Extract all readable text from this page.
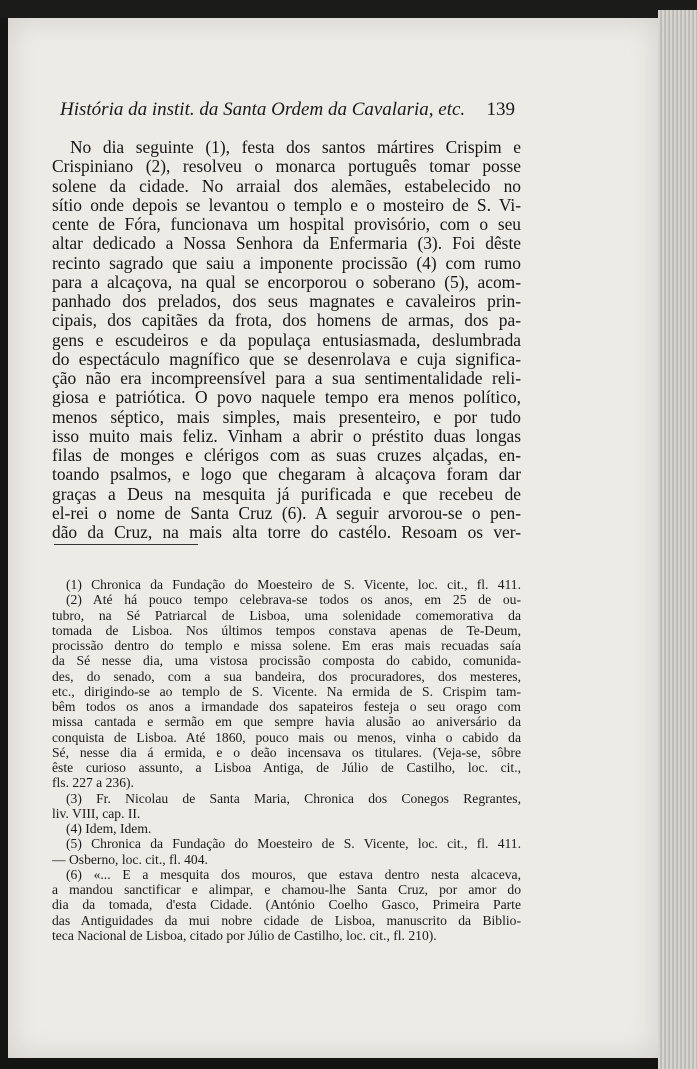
História da instit. da Santa Ordem da Cavalaria, etc. 139
No dia seguinte (1), festa dos santos mártires Crispim e
Crispiniano (2), resolveu o monarca português tomar posse
solene da cidade. No arraial dos alemães, estabelecido no
sítio onde depois se levantou o templo e o mosteiro de S. Vi-
cente de Fóra, funcionava um hospital provisório, com o seu
altar dedicado a Nossa Senhora da Enfermaria (3). Foi dêste
recinto sagrado que saiu a imponente procissão (4) com rumo
para a alcaçova, na qual se encorporou o soberano (5), acom-
panhado dos prelados, dos seus magnates e cavaleiros prin-
cipais, dos capitães da frota, dos homens de armas, dos pa-
gens e escudeiros e da populaça entusiasmada, deslumbrada
do espectáculo magnífico que se desenrolava e cuja significa-
ção não era incompreensível para a sua sentimentalidade reli-
giosa e patriótica. O povo naquele tempo era menos político,
menos séptico, mais simples, mais presenteiro, e por tudo
isso muito mais feliz. Vinham a abrir o préstito duas longas
filas de monges e clérigos com as suas cruzes alçadas, en-
toando psalmos, e logo que chegaram à alcaçova foram dar
graças a Deus na mesquita já purificada e que recebeu de
el-rei o nome de Santa Cruz (6). A seguir arvorou-se o pen-
dão da Cruz, na mais alta torre do castélo. Resoam os ver-
(1) Chronica da Fundação do Moesteiro de S. Vicente, loc. cit., fl. 411.
(2) Até há pouco tempo celebrava-se todos os anos, em 25 de ou-
tubro, na Sé Patriarcal de Lisboa, uma solenidade comemorativa da
tomada de Lisboa. Nos últimos tempos constava apenas de Te-Deum,
procissão dentro do templo e missa solene. Em eras mais recuadas saía
da Sé nesse dia, uma vistosa procissão composta do cabido, comunida-
des, do senado, com a sua bandeira, dos procuradores, dos mesteres,
etc., dirigindo-se ao templo de S. Vicente. Na ermida de S. Crispim tam-
bêm todos os anos a irmandade dos sapateiros festeja o seu orago com
missa cantada e sermão em que sempre havia alusão ao aniversário da
conquista de Lisboa. Até 1860, pouco mais ou menos, vinha o cabido da
Sé, nesse dia á ermida, e o deão incensava os titulares. (Veja-se, sôbre
êste curioso assunto, a Lisboa Antiga, de Júlio de Castilho, loc. cit.,
fls. 227 a 236).
(3) Fr. Nicolau de Santa Maria, Chronica dos Conegos Regrantes,
liv. VIII, cap. II.
(4) Idem, Idem.
(5) Chronica da Fundação do Moesteiro de S. Vicente, loc. cit., fl. 411.
— Osberno, loc. cit., fl. 404.
(6) «... E a mesquita dos mouros, que estava dentro nesta alcaceva,
a mandou sanctificar e alimpar, e chamou-lhe Santa Cruz, por amor do
dia da tomada, d'esta Cidade. (António Coelho Gasco, Primeira Parte
das Antiguidades da mui nobre cidade de Lisboa, manuscrito da Biblio-
teca Nacional de Lisboa, citado por Júlio de Castilho, loc. cit., fl. 210).
